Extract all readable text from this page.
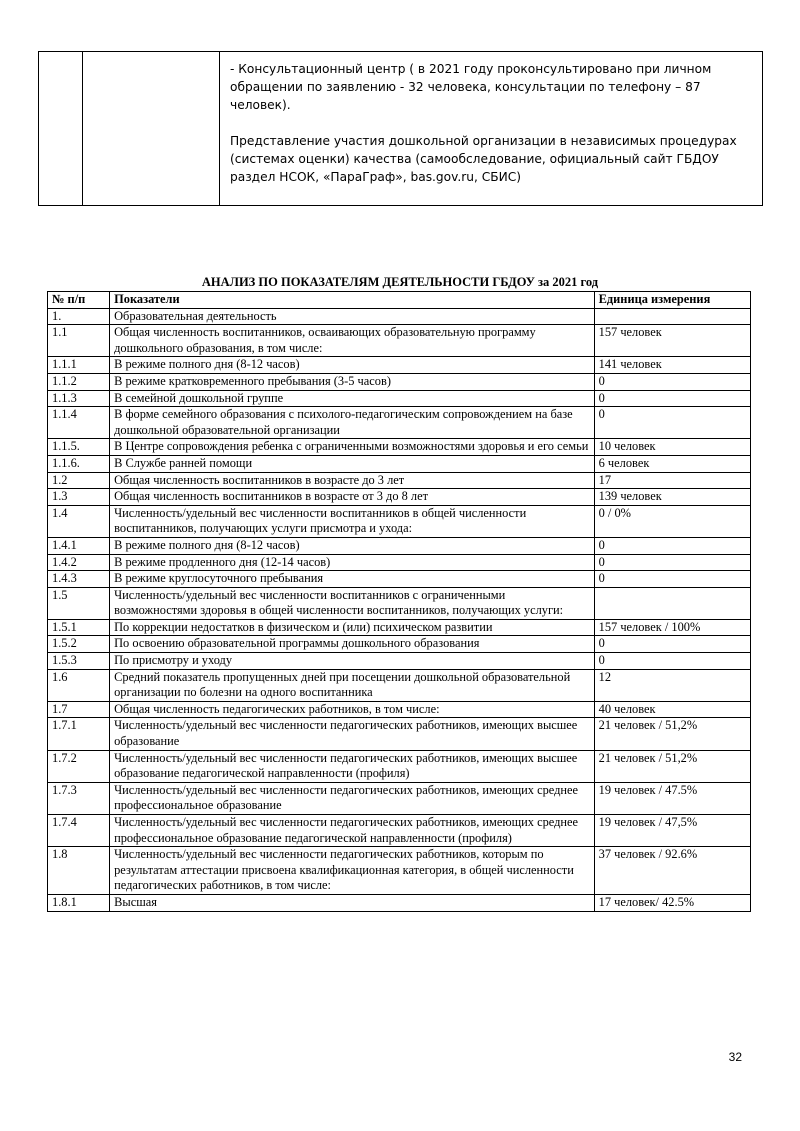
- Консультационный центр ( в 2021 году проконсультировано при личном обращении по заявлению - 32 человека, консультации по телефону – 87 человек).

Представление участия дошкольной организации в независимых процедурах (системах оценки) качества (самообследование, официальный сайт ГБДОУ раздел НСОК, «ПараГраф», bas.gov.ru, СБИС)

АНАЛИЗ ПО ПОКАЗАТЕЛЯМ ДЕЯТЕЛЬНОСТИ ГБДОУ за 2021 год
№ п/п	Показатели	Единица измерения
1.	Образовательная деятельность	
1.1	Общая численность воспитанников, осваивающих образовательную программу дошкольного образования, в том числе:	157 человек
1.1.1	В режиме полного дня (8-12 часов)	141 человек
1.1.2	В режиме кратковременного пребывания (3-5 часов)	0
1.1.3	В семейной дошкольной группе	0
1.1.4	В форме семейного образования с психолого-педагогическим сопровождением на базе дошкольной образовательной организации	0
1.1.5.	В Центре сопровождения ребенка с ограниченными возможностями здоровья и его семьи	10 человек
1.1.6.	В Службе ранней помощи	6 человек
1.2	Общая численность воспитанников в возрасте до 3 лет	17
1.3	Общая численность воспитанников в возрасте от 3 до 8 лет	139 человек
1.4	Численность/удельный вес численности воспитанников в общей численности воспитанников, получающих услуги присмотра и ухода:	0 / 0%
1.4.1	В режиме полного дня (8-12 часов)	0
1.4.2	В режиме продленного дня (12-14 часов)	0
1.4.3	В режиме круглосуточного пребывания	0
1.5	Численность/удельный вес численности воспитанников с ограниченными возможностями здоровья в общей численности воспитанников, получающих услуги:	
1.5.1	По коррекции недостатков в физическом и (или) психическом развитии	157 человек / 100%
1.5.2	По освоению образовательной программы дошкольного образования	0
1.5.3	По присмотру и уходу	0
1.6	Средний показатель пропущенных дней при посещении дошкольной образовательной организации по болезни на одного воспитанника	12
1.7	Общая численность педагогических работников, в том числе:	40 человек
1.7.1	Численность/удельный вес численности педагогических работников, имеющих высшее образование	21 человек / 51,2%
1.7.2	Численность/удельный вес численности педагогических работников, имеющих высшее образование педагогической направленности (профиля)	21 человек / 51,2%
1.7.3	Численность/удельный вес численности педагогических работников, имеющих среднее профессиональное образование	19 человек / 47.5%
1.7.4	Численность/удельный вес численности педагогических работников, имеющих среднее профессиональное образование педагогической направленности (профиля)	19 человек / 47,5%
1.8	Численность/удельный вес численности педагогических работников, которым по результатам аттестации присвоена квалификационная категория, в общей численности педагогических работников, в том числе:	37 человек / 92.6%
1.8.1	Высшая	17 человек/ 42.5%
32
